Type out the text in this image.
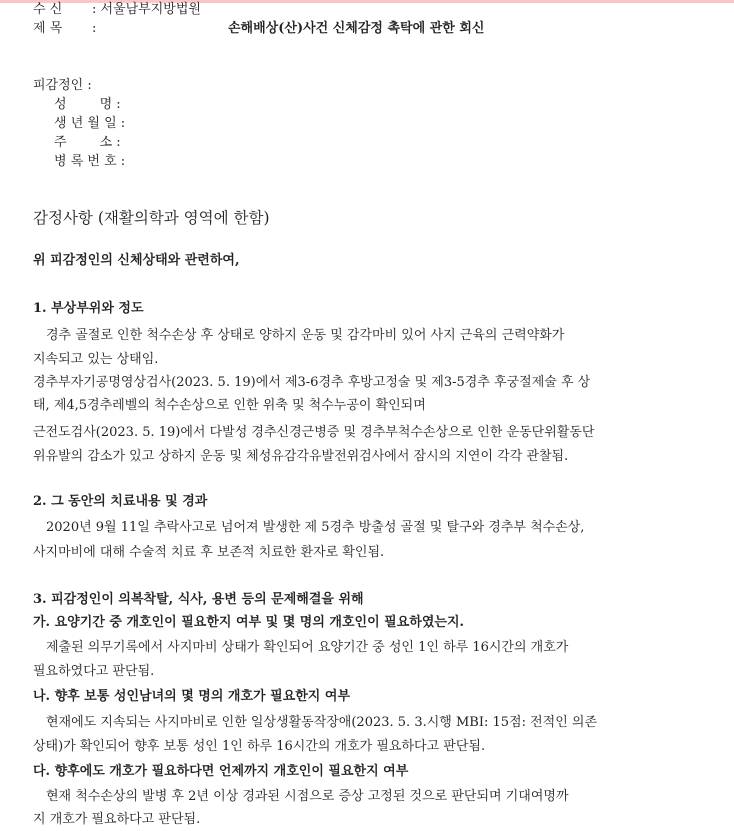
수 신 : 서울남부지방법원
제 목 :	손해배상(산)사건 신체감정 촉탁에 관한 회신
피감정인 :
성        명 :
생 년 월 일 :
주        소 :
병 록 번 호 :
감정사항 (재활의학과 영역에 한함)
위 피감정인의 신체상태와 관련하여,
1. 부상부위와 정도
경추 골절로 인한 척수손상 후 상태로 양하지 운동 및 감각마비 있어 사지 근육의 근력약화가
지속되고 있는 상태임.
경추부자기공명영상검사(2023. 5. 19)에서 제3-6경추 후방고정술 및 제3-5경추 후궁절제술 후 상
태, 제4,5경추레벨의 척수손상으로 인한 위축 및 척수누공이 확인되며
근전도검사(2023. 5. 19)에서 다발성 경추신경근병증 및 경추부척수손상으로 인한 운동단위활동단
위유발의 감소가 있고 상하지 운동 및 체성유감각유발전위검사에서 잠시의 지연이 각각 관찰됨.
2. 그 동안의 치료내용 및 경과
2020년 9월 11일 추락사고로 넘어져 발생한 제 5경추 방출성 골절 및 탈구와 경추부 척수손상,
사지마비에 대해 수술적 치료 후 보존적 치료한 환자로 확인됨.
3. 피감정인이 의복착탈, 식사, 용변 등의 문제해결을 위해
가. 요양기간 중 개호인이 필요한지 여부 및 몇 명의 개호인이 필요하였는지.
제출된 의무기록에서 사지마비 상태가 확인되어 요양기간 중 성인 1인 하루 16시간의 개호가
필요하였다고 판단됨.
나. 향후 보통 성인남녀의 몇 명의 개호가 필요한지 여부
현재에도 지속되는 사지마비로 인한 일상생활동작장애(2023. 5. 3.시행 MBI: 15점: 전적인 의존
상태)가 확인되어 향후 보통 성인 1인 하루 16시간의 개호가 필요하다고 판단됨.
다. 향후에도 개호가 필요하다면 언제까지 개호인이 필요한지 여부
현재 척수손상의 발병 후 2년 이상 경과된 시점으로 증상 고정된 것으로 판단되며 기대여명까
지 개호가 필요하다고 판단됨.
